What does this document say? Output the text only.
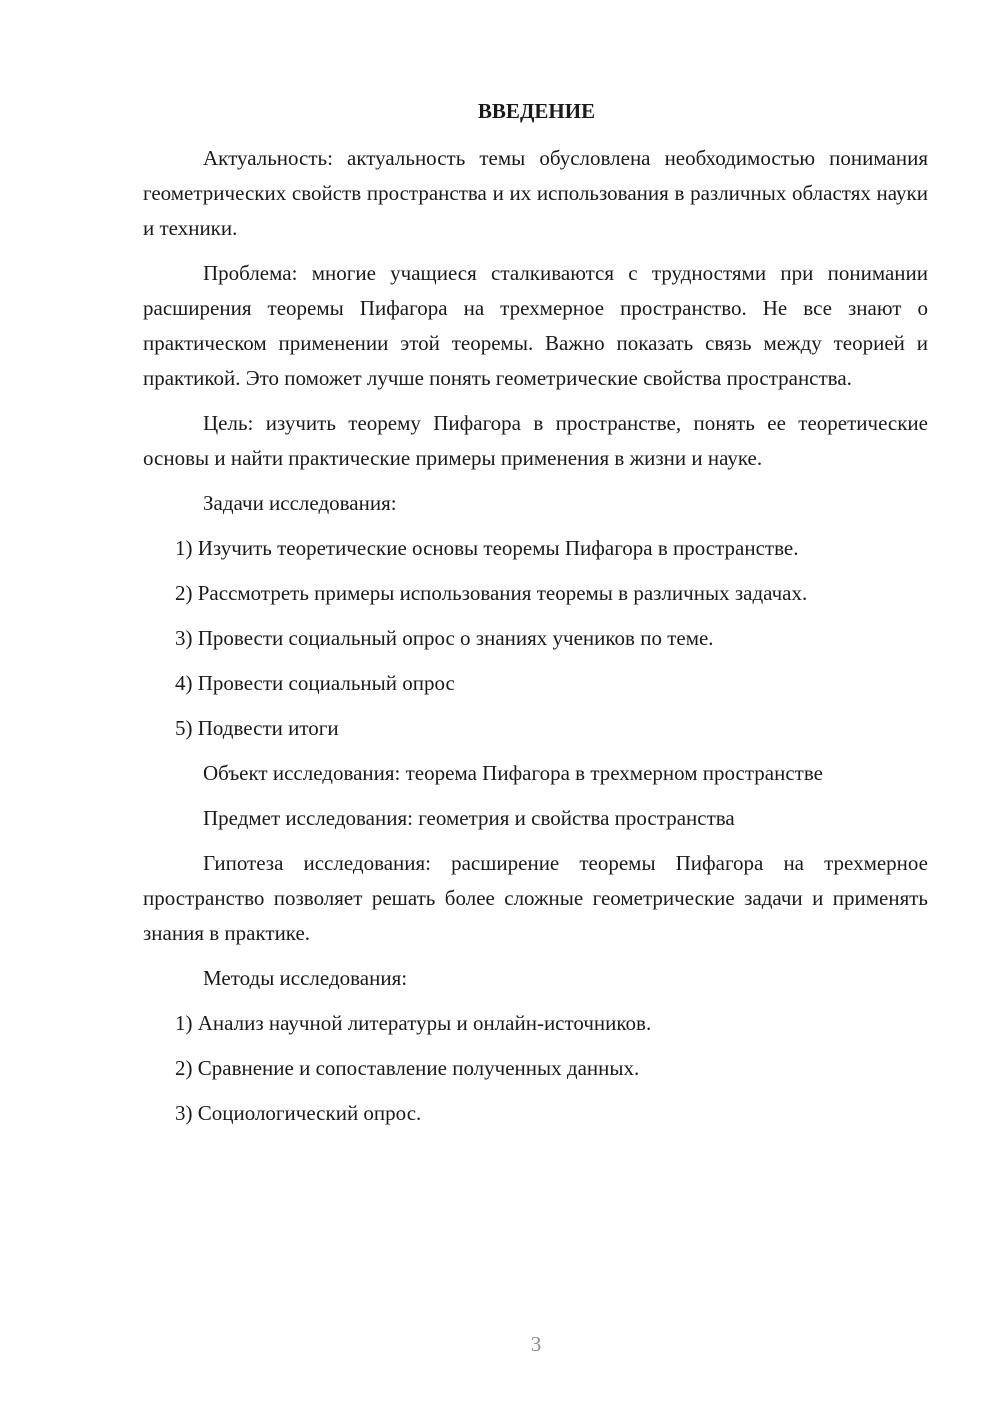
ВВЕДЕНИЕ

Актуальность: актуальность темы обусловлена необходимостью понимания геометрических свойств пространства и их использования в различных областях науки и техники.

Проблема: многие учащиеся сталкиваются с трудностями при понимании расширения теоремы Пифагора на трехмерное пространство. Не все знают о практическом применении этой теоремы. Важно показать связь между теорией и практикой. Это поможет лучше понять геометрические свойства пространства.

Цель: изучить теорему Пифагора в пространстве, понять ее теоретические основы и найти практические примеры применения в жизни и науке.

Задачи исследования:

1) Изучить теоретические основы теоремы Пифагора в пространстве.

2) Рассмотреть примеры использования теоремы в различных задачах.

3) Провести социальный опрос о знаниях учеников по теме.

4) Провести социальный опрос

5) Подвести итоги

Объект исследования: теорема Пифагора в трехмерном пространстве

Предмет исследования: геометрия и свойства пространства

Гипотеза исследования: расширение теоремы Пифагора на трехмерное пространство позволяет решать более сложные геометрические задачи и применять знания в практике.

Методы исследования:

1) Анализ научной литературы и онлайн-источников.

2) Сравнение и сопоставление полученных данных.

3) Социологический опрос.

3
